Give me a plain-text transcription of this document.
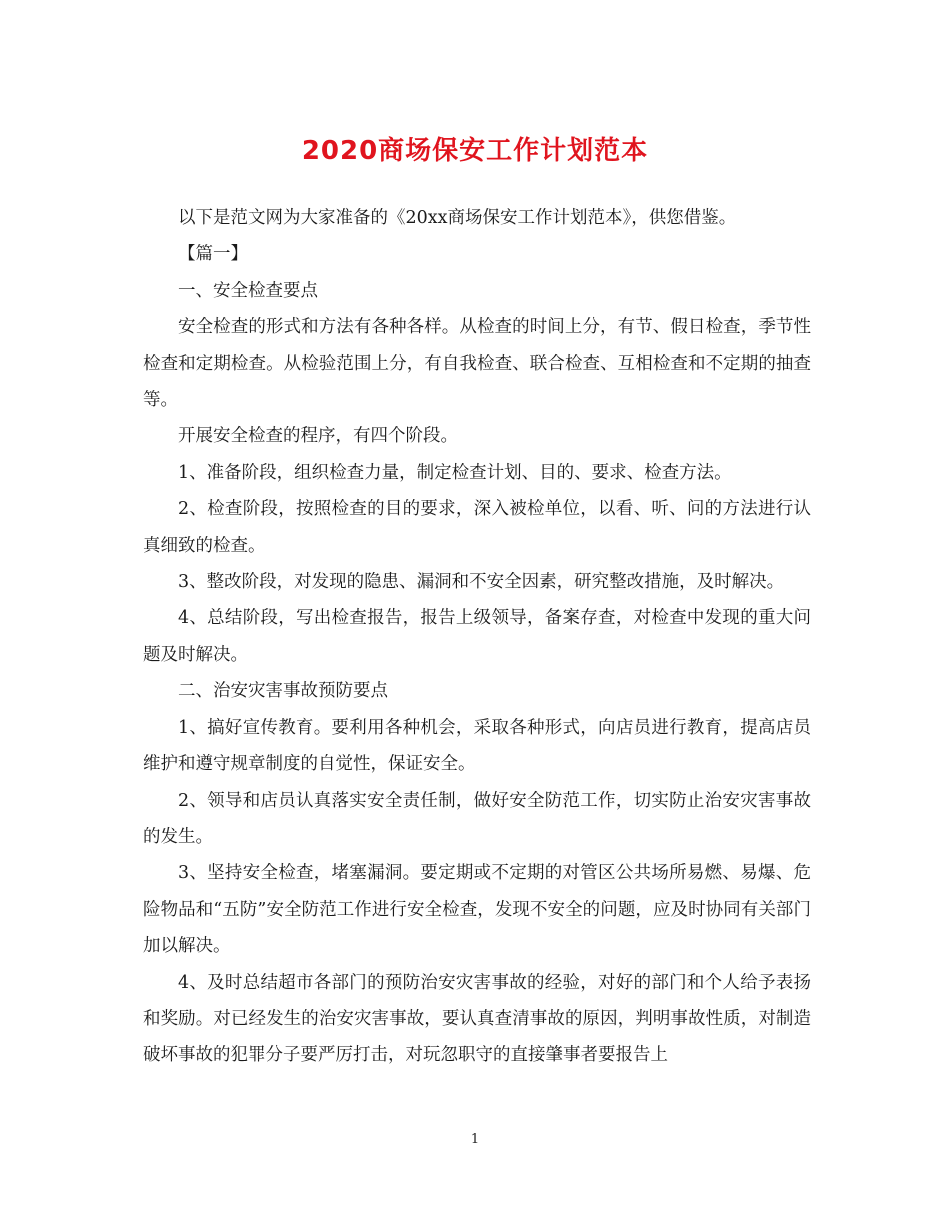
2020商场保安工作计划范本

以下是范文网为大家准备的《20xx商场保安工作计划范本》，供您借鉴。

【篇一】

一、安全检查要点

安全检查的形式和方法有各种各样。从检查的时间上分，有节、假日检查，季节性检查和定期检查。从检验范围上分，有自我检查、联合检查、互相检查和不定期的抽查等。

开展安全检查的程序，有四个阶段。

1、准备阶段，组织检查力量，制定检查计划、目的、要求、检查方法。

2、检查阶段，按照检查的目的要求，深入被检单位，以看、听、问的方法进行认真细致的检查。

3、整改阶段，对发现的隐患、漏洞和不安全因素，研究整改措施，及时解决。

4、总结阶段，写出检查报告，报告上级领导，备案存查，对检查中发现的重大问题及时解决。

二、治安灾害事故预防要点

1、搞好宣传教育。要利用各种机会，采取各种形式，向店员进行教育，提高店员维护和遵守规章制度的自觉性，保证安全。

2、领导和店员认真落实安全责任制，做好安全防范工作，切实防止治安灾害事故的发生。

3、坚持安全检查，堵塞漏洞。要定期或不定期的对管区公共场所易燃、易爆、危险物品和“五防”安全防范工作进行安全检查，发现不安全的问题，应及时协同有关部门加以解决。

4、及时总结超市各部门的预防治安灾害事故的经验，对好的部门和个人给予表扬和奖励。对已经发生的治安灾害事故，要认真查清事故的原因，判明事故性质，对制造破坏事故的犯罪分子要严厉打击，对玩忽职守的直接肇事者要报告上

1
